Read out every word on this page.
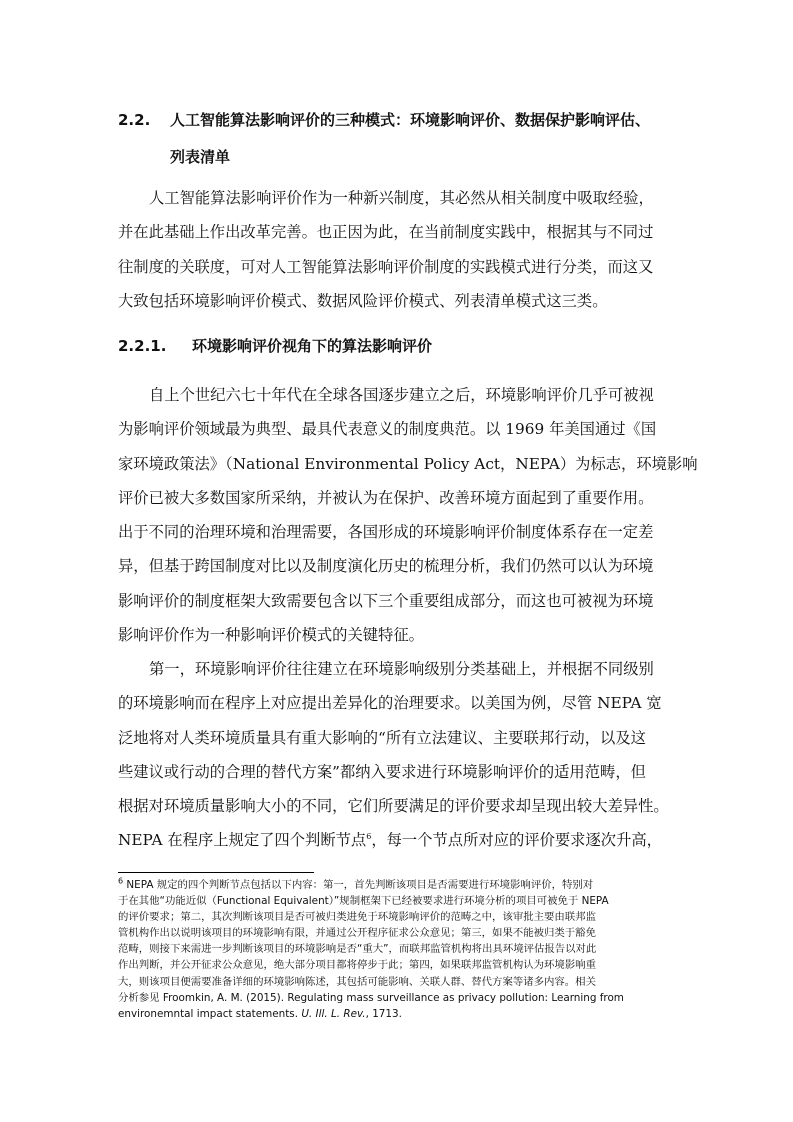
2.2. 人工智能算法影响评价的三种模式：环境影响评价、数据保护影响评估、
列表清单

人工智能算法影响评价作为一种新兴制度，其必然从相关制度中吸取经验，
并在此基础上作出改革完善。也正因为此，在当前制度实践中，根据其与不同过
往制度的关联度，可对人工智能算法影响评价制度的实践模式进行分类，而这又
大致包括环境影响评价模式、数据风险评价模式、列表清单模式这三类。

2.2.1. 环境影响评价视角下的算法影响评价

自上个世纪六七十年代在全球各国逐步建立之后，环境影响评价几乎可被视
为影响评价领域最为典型、最具代表意义的制度典范。以 1969 年美国通过《国
家环境政策法》（National Environmental Policy Act，NEPA）为标志，环境影响
评价已被大多数国家所采纳，并被认为在保护、改善环境方面起到了重要作用。
出于不同的治理环境和治理需要，各国形成的环境影响评价制度体系存在一定差
异，但基于跨国制度对比以及制度演化历史的梳理分析，我们仍然可以认为环境
影响评价的制度框架大致需要包含以下三个重要组成部分，而这也可被视为环境
影响评价作为一种影响评价模式的关键特征。

第一，环境影响评价往往建立在环境影响级别分类基础上，并根据不同级别
的环境影响而在程序上对应提出差异化的治理要求。以美国为例，尽管 NEPA 宽
泛地将对人类环境质量具有重大影响的“所有立法建议、主要联邦行动，以及这
些建议或行动的合理的替代方案”都纳入要求进行环境影响评价的适用范畴，但
根据对环境质量影响大小的不同，它们所要满足的评价要求却呈现出较大差异性。
NEPA 在程序上规定了四个判断节点$^6$，每一个节点所对应的评价要求逐次升高，

$^6$ NEPA 规定的四个判断节点包括以下内容：第一，首先判断该项目是否需要进行环境影响评价，特别对
于在其他“功能近似（Functional Equivalent）”规制框架下已经被要求进行环境分析的项目可被免于 NEPA
的评价要求；第二，其次判断该项目是否可被归类进免于环境影响评价的范畴之中，该审批主要由联邦监
管机构作出以说明该项目的环境影响有限，并通过公开程序征求公众意见；第三，如果不能被归类于豁免
范畴，则接下来需进一步判断该项目的环境影响是否“重大”，而联邦监管机构将出具环境评估报告以对此
作出判断，并公开征求公众意见，绝大部分项目都将停步于此；第四，如果联邦监管机构认为环境影响重
大，则该项目便需要准备详细的环境影响陈述，其包括可能影响、关联人群、替代方案等诸多内容。相关
分析参见 Froomkin, A. M. (2015). Regulating mass surveillance as privacy pollution: Learning from
environemntal impact statements. U. Ill. L. Rev., 1713.
